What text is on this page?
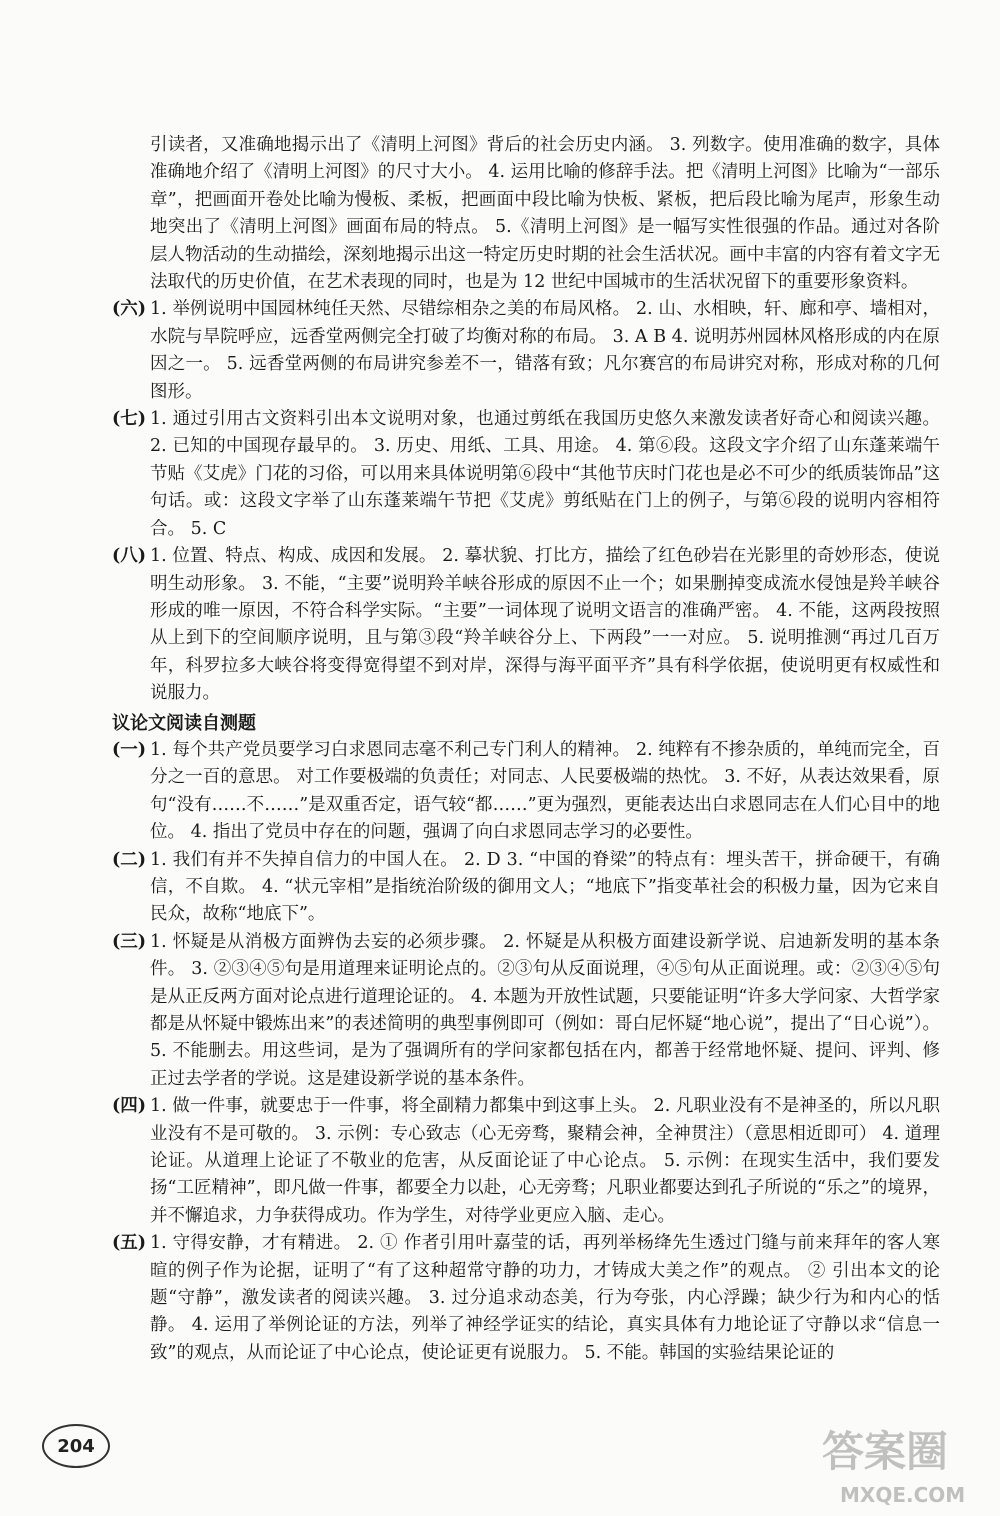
引读者，又准确地揭示出了《清明上河图》背后的社会历史内涵。 3. 列数字。使用准确的数字，具体准确地介绍了《清明上河图》的尺寸大小。 4. 运用比喻的修辞手法。把《清明上河图》比喻为“一部乐章”，把画面开卷处比喻为慢板、柔板，把画面中段比喻为快板、紧板，把后段比喻为尾声，形象生动地突出了《清明上河图》画面布局的特点。 5.《清明上河图》是一幅写实性很强的作品。通过对各阶层人物活动的生动描绘，深刻地揭示出这一特定历史时期的社会生活状况。画中丰富的内容有着文字无法取代的历史价值，在艺术表现的同时，也是为 12 世纪中国城市的生活状况留下的重要形象资料。

(六) 1. 举例说明中国园林纯任天然、尽错综相杂之美的布局风格。 2. 山、水相映，轩、廊和亭、墙相对，水院与旱院呼应，远香堂两侧完全打破了均衡对称的布局。 3. A B 4. 说明苏州园林风格形成的内在原因之一。 5. 远香堂两侧的布局讲究参差不一，错落有致；凡尔赛宫的布局讲究对称，形成对称的几何图形。

(七) 1. 通过引用古文资料引出本文说明对象，也通过剪纸在我国历史悠久来激发读者好奇心和阅读兴趣。 2. 已知的中国现存最早的。 3. 历史、用纸、工具、用途。 4. 第⑥段。这段文字介绍了山东蓬莱端午节贴《艾虎》门花的习俗，可以用来具体说明第⑥段中“其他节庆时门花也是必不可少的纸质装饰品”这句话。或：这段文字举了山东蓬莱端午节把《艾虎》剪纸贴在门上的例子，与第⑥段的说明内容相符合。 5. C

(八) 1. 位置、特点、构成、成因和发展。 2. 摹状貌、打比方，描绘了红色砂岩在光影里的奇妙形态，使说明生动形象。 3. 不能，“主要”说明羚羊峡谷形成的原因不止一个；如果删掉变成流水侵蚀是羚羊峡谷形成的唯一原因，不符合科学实际。“主要”一词体现了说明文语言的准确严密。 4. 不能，这两段按照从上到下的空间顺序说明，且与第③段“羚羊峡谷分上、下两段”一一对应。 5. 说明推测“再过几百万年，科罗拉多大峡谷将变得宽得望不到对岸，深得与海平面平齐”具有科学依据，使说明更有权威性和说服力。

议论文阅读自测题

(一) 1. 每个共产党员要学习白求恩同志毫不利己专门利人的精神。 2. 纯粹有不掺杂质的，单纯而完全，百分之一百的意思。 对工作要极端的负责任；对同志、人民要极端的热忱。 3. 不好，从表达效果看，原句“没有……不……”是双重否定，语气较“都……”更为强烈，更能表达出白求恩同志在人们心目中的地位。 4. 指出了党员中存在的问题，强调了向白求恩同志学习的必要性。

(二) 1. 我们有并不失掉自信力的中国人在。 2. D 3. “中国的脊梁”的特点有：埋头苦干，拼命硬干，有确信，不自欺。 4. “状元宰相”是指统治阶级的御用文人；“地底下”指变革社会的积极力量，因为它来自民众，故称“地底下”。

(三) 1. 怀疑是从消极方面辨伪去妄的必须步骤。 2. 怀疑是从积极方面建设新学说、启迪新发明的基本条件。 3. ②③④⑤句是用道理来证明论点的。②③句从反面说理，④⑤句从正面说理。或：②③④⑤句是从正反两方面对论点进行道理论证的。 4. 本题为开放性试题，只要能证明“许多大学问家、大哲学家都是从怀疑中锻炼出来”的表述简明的典型事例即可（例如：哥白尼怀疑“地心说”，提出了“日心说”）。 5. 不能删去。用这些词，是为了强调所有的学问家都包括在内，都善于经常地怀疑、提问、评判、修正过去学者的学说。这是建设新学说的基本条件。

(四) 1. 做一件事，就要忠于一件事，将全副精力都集中到这事上头。 2. 凡职业没有不是神圣的，所以凡职业没有不是可敬的。 3. 示例：专心致志（心无旁骛，聚精会神，全神贯注）（意思相近即可） 4. 道理论证。从道理上论证了不敬业的危害，从反面论证了中心论点。 5. 示例：在现实生活中，我们要发扬“工匠精神”，即凡做一件事，都要全力以赴，心无旁骛；凡职业都要达到孔子所说的“乐之”的境界，并不懈追求，力争获得成功。作为学生，对待学业更应入脑、走心。

(五) 1. 守得安静，才有精进。 2. ① 作者引用叶嘉莹的话，再列举杨绛先生透过门缝与前来拜年的客人寒暄的例子作为论据，证明了“有了这种超常守静的功力，才铸成大美之作”的观点。 ② 引出本文的论题“守静”，激发读者的阅读兴趣。 3. 过分追求动态美，行为夸张，内心浮躁；缺少行为和内心的恬静。 4. 运用了举例论证的方法，列举了神经学证实的结论，真实具体有力地论证了守静以求“信息一致”的观点，从而论证了中心论点，使论证更有说服力。 5. 不能。韩国的实验结果论证的

204	答案圈
MXQE.COM
